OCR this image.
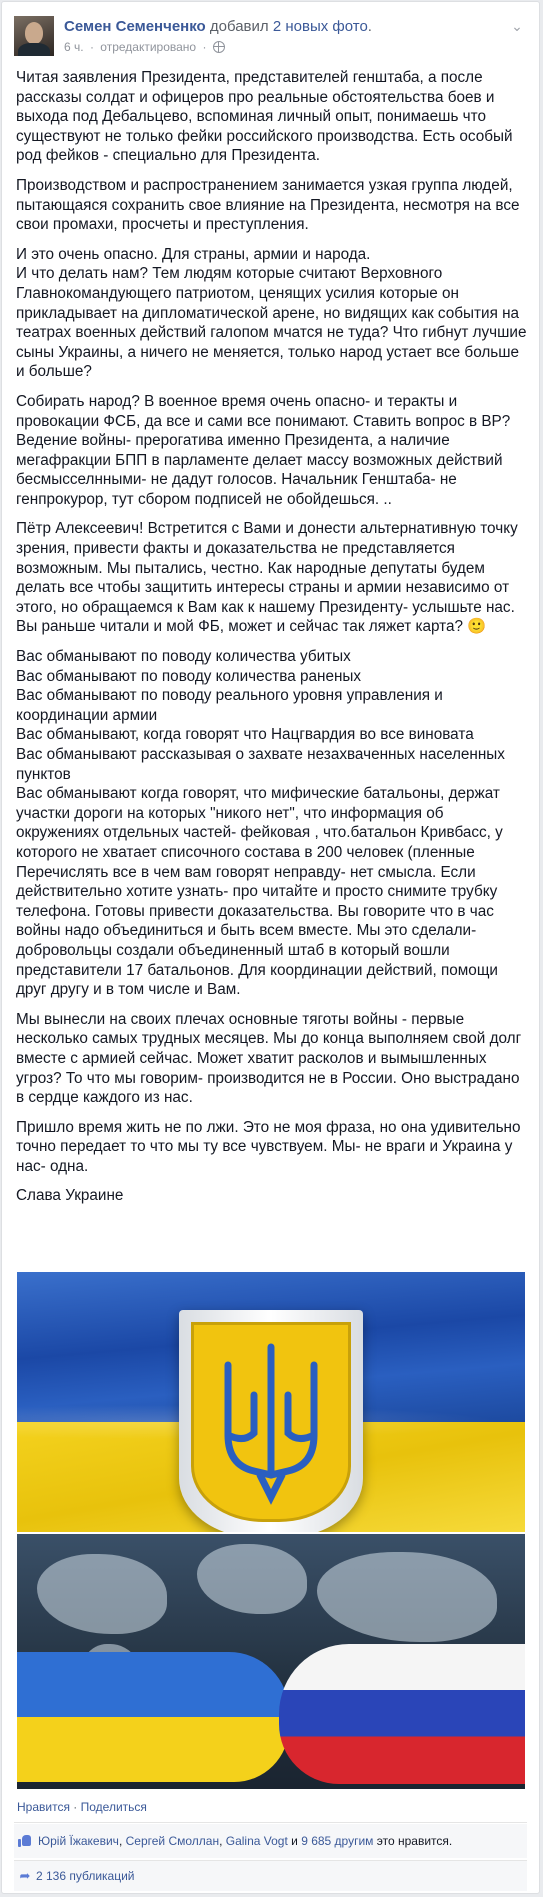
Семен Семенченко добавил 2 новых фото.
6 ч. · отредактировано ·
⌄

Читая заявления Президента, представителей генштаба, а после рассказы солдат и офицеров про реальные обстоятельства боев и выхода под Дебальцево, вспоминая личный опыт, понимаешь что существуют не только фейки российского производства. Есть особый род фейков - специально для Президента.

Производством и распространением занимается узкая группа людей, пытающаяся сохранить свое влияние на Президента, несмотря на все свои промахи, просчеты и преступления.

И это очень опасно. Для страны, армии и народа.
И что делать нам? Тем людям которые считают Верховного Главнокомандующего патриотом, ценящих усилия которые он прикладывает на дипломатической арене, но видящих как события на театрах военных действий галопом мчатся не туда? Что гибнут лучшие сыны Украины, а ничего не меняется, только народ устает все больше и больше?

Собирать народ? В военное время очень опасно- и теракты и провокации ФСБ, да все и сами все понимают. Ставить вопрос в ВР? Ведение войны- прерогатива именно Президента, а наличие мегафракции БПП в парламенте делает массу возможных действий бесмысселнными- не дадут голосов. Начальник Генштаба- не генпрокурор, тут сбором подписей не обойдешься. ..

Пётр Алексеевич! Встретится с Вами и донести альтернативную точку зрения, привести факты и доказательства не представляется возможным. Мы пытались, честно. Как народные депутаты будем делать все чтобы защитить интересы страны и армии независимо от этого, но обращаемся к Вам как к нашему Президенту- услышьте нас. Вы раньше читали и мой ФБ, может и сейчас так ляжет карта? 🙂

Вас обманывают по поводу количества убитых
Вас обманывают по поводу количества раненых
Вас обманывают по поводу реального уровня управления и координации армии
Вас обманывают, когда говорят что Нацгвардия во все виновата
Вас обманывают рассказывая о захвате незахваченных населенных пунктов
Вас обманывают когда говорят, что мифические батальоны, держат участки дороги на которых "никого нет", что информация об окружениях отдельных частей- фейковая , что.батальон Кривбасс, у которого не хватает списочного состава в 200 человек (пленные
Перечислять все в чем вам говорят неправду- нет смысла. Если действительно хотите узнать- про читайте и просто снимите трубку телефона. Готовы привести доказательства. Вы говорите что в час войны надо объединиться и быть всем вместе. Мы это сделали- добровольцы создали объединенный штаб в который вошли представители 17 батальонов. Для координации действий, помощи друг другу и в том числе и Вам.

Мы вынесли на своих плечах основные тяготы войны - первые несколько самых трудных месяцев. Мы до конца выполняем свой долг вместе с армией сейчас. Может хватит расколов и вымышленных угроз? То что мы говорим- производится не в России. Оно выстрадано в сердце каждого из нас.

Пришло время жить не по лжи. Это не моя фраза, но она удивительно точно передает то что мы ту все чувствуем. Мы- не враги и Украина у нас- одна.

Слава Украине

Нравится · Поделиться
Юрій Їжакевич, Сергей Смоллан, Galina Vogt и 9 685 другим это нравится.
➦ 2 136 публикаций
